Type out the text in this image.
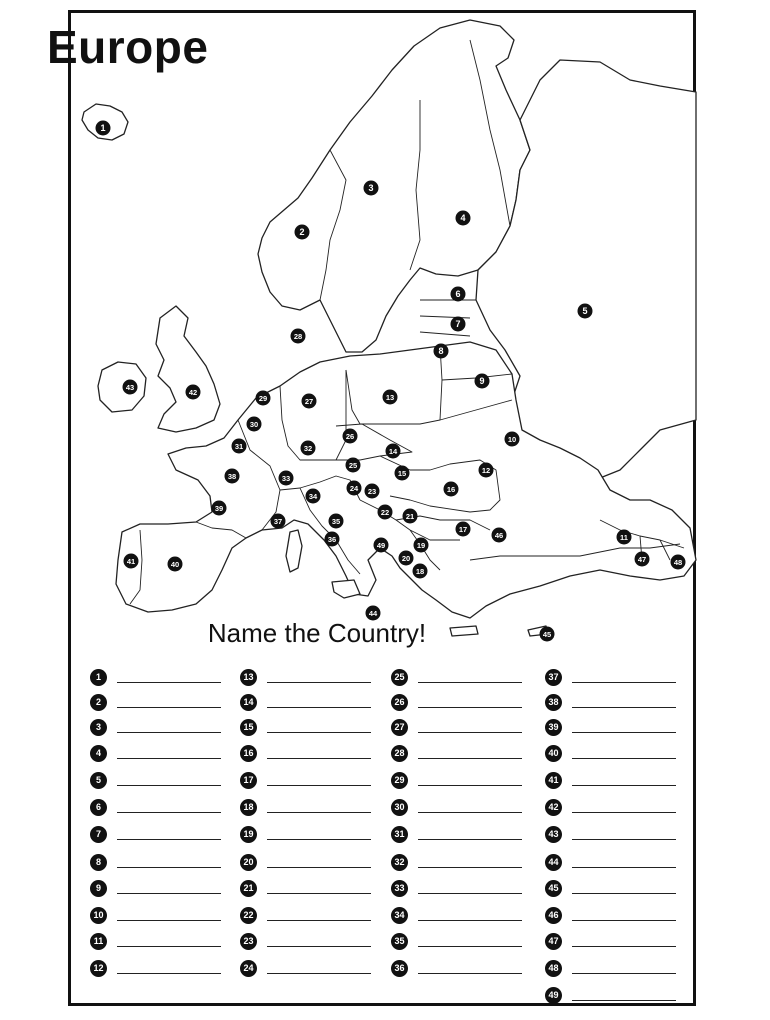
1
2
3
4
5
6
7
8
9
10
11
12
13
14
15
16
17
18
19
20
21
22
23
24
25
26
27
28
29
30
31	32
33
34
35
36
37
38
39
40
41
42
43
44
45
46
47	48
49
Europe
Name the Country!
1
2
3
4
5
6
7
8
9
10
11
12
13
14
15
16
17
18
19
20
21
22
23
24
25
26
27
28
29
30
31
32
33
34
35
36
37
38
39
40
41
42
43
44
45
46
47
48
49
